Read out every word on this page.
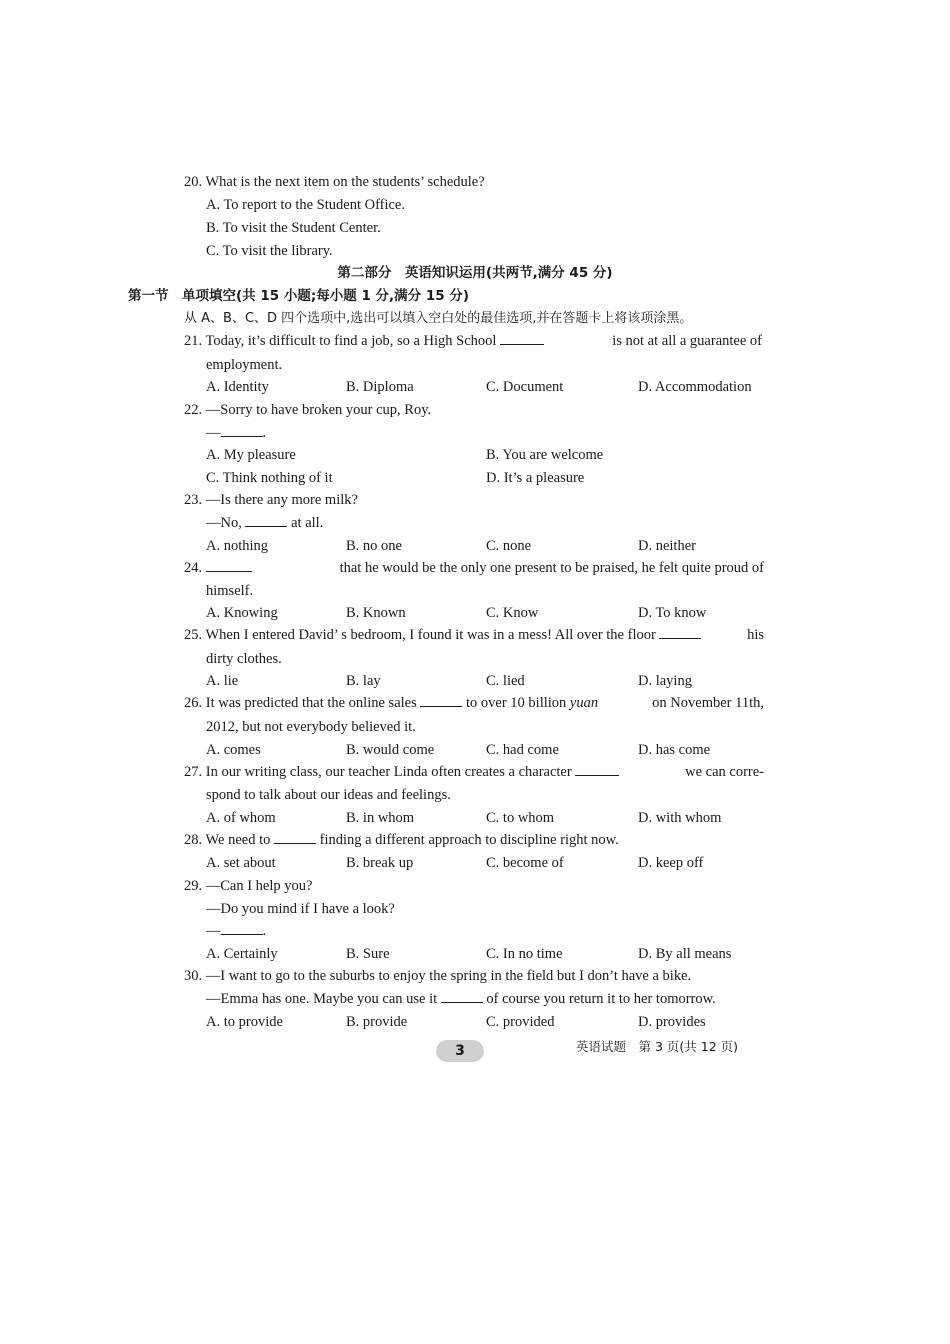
20. What is the next item on the students’ schedule?
A. To report to the Student Office.
B. To visit the Student Center.
C. To visit the library.
第二部分　英语知识运用(共两节,满分 45 分)
第一节　单项填空(共 15 小题;每小题 1 分,满分 15 分)
从 A、B、C、D 四个选项中,选出可以填入空白处的最佳选项,并在答题卡上将该项涂黑。
21. Today, it’s difficult to find a job, so a High School	is not at all a guarantee of
employment.
A. Identity	B. Diploma	C. Document	D. Accommodation
22. —Sorry to have broken your cup, Roy.
—	.
A. My pleasure	B. You are welcome
C. Think nothing of it	D. It’s a pleasure
23. —Is there any more milk?
—No,	at all.
A. nothing	B. no one	C. none	D. neither
24.	that he would be the only one present to be praised, he felt quite proud of
himself.
A. Knowing	B. Known	C. Know	D. To know
25. When I entered David’ s bedroom, I found it was in a mess! All over the floor	his
dirty clothes.
A. lie	B. lay	C. lied	D. laying
26. It was predicted that the online sales	to over 10 billion yuan	on November 11th,
2012, but not everybody believed it.
A. comes	B. would come	C. had come	D. has come
27. In our writing class, our teacher Linda often creates a character	we can corre-
spond to talk about our ideas and feelings.
A. of whom	B. in whom	C. to whom	D. with whom
28. We need to	finding a different approach to discipline right now.
A. set about	B. break up	C. become of	D. keep off
29. —Can I help you?
—Do you mind if I have a look?
—	.
A. Certainly	B. Sure	C. In no time	D. By all means
30. —I want to go to the suburbs to enjoy the spring in the field but I don’t have a bike.
—Emma has one. Maybe you can use it	of course you return it to her tomorrow.
A. to provide	B. provide	C. provided	D. provides
3	英语试题　第 3 页(共 12 页)
